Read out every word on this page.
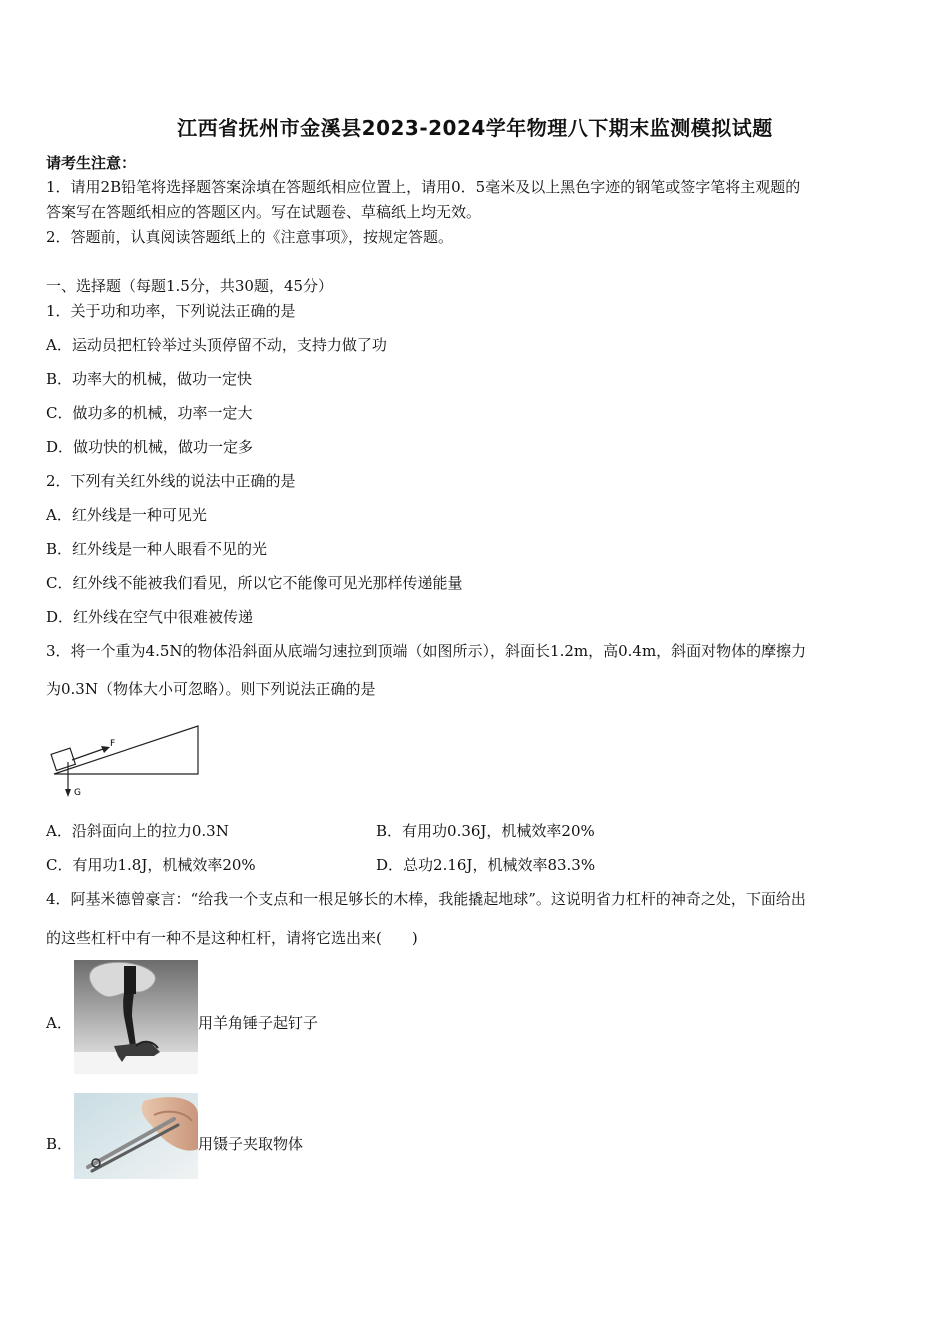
江西省抚州市金溪县2023-2024学年物理八下期末监测模拟试题
请考生注意：
1．请用2B铅笔将选择题答案涂填在答题纸相应位置上，请用0．5毫米及以上黑色字迹的钢笔或签字笔将主观题的
答案写在答题纸相应的答题区内。写在试题卷、草稿纸上均无效。
2．答题前，认真阅读答题纸上的《注意事项》，按规定答题。
一、选择题（每题1.5分，共30题，45分）
1．关于功和功率，下列说法正确的是
A．运动员把杠铃举过头顶停留不动，支持力做了功
B．功率大的机械，做功一定快
C．做功多的机械，功率一定大
D．做功快的机械，做功一定多
2．下列有关红外线的说法中正确的是
A．红外线是一种可见光
B．红外线是一种人眼看不见的光
C．红外线不能被我们看见，所以它不能像可见光那样传递能量
D．红外线在空气中很难被传递
3．将一个重为4.5N的物体沿斜面从底端匀速拉到顶端（如图所示），斜面长1.2m，高0.4m，斜面对物体的摩擦力
为0.3N（物体大小可忽略）。则下列说法正确的是
F
G
A．沿斜面向上的拉力0.3N	B．有用功0.36J，机械效率20%
C．有用功1.8J，机械效率20%	D．总功2.16J，机械效率83.3%
4．阿基米德曾豪言：“给我一个支点和一根足够长的木棒，我能撬起地球”。这说明省力杠杆的神奇之处，下面给出
的这些杠杆中有一种不是这种杠杆，请将它选出来(　　)
A．	用羊角锤子起钉子
B．	用镊子夹取物体
